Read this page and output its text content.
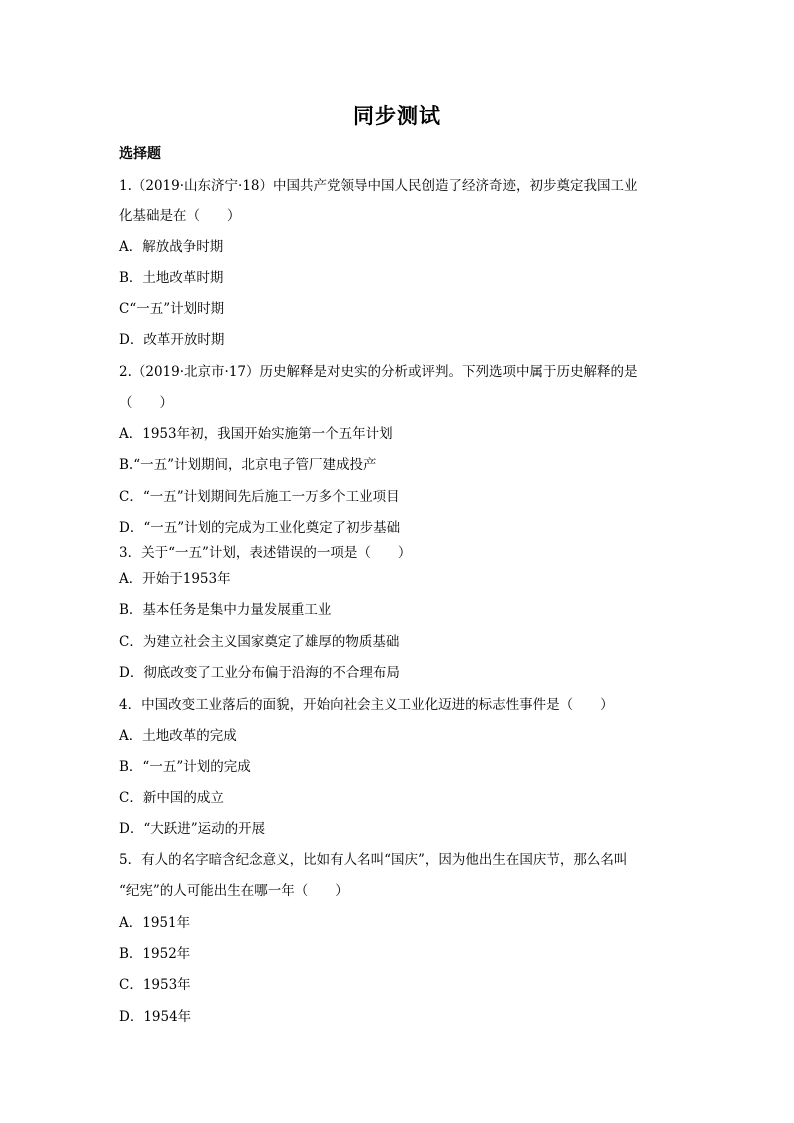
同步测试
选择题
1.（2019·山东济宁·18）中国共产党领导中国人民创造了经济奇迹，初步奠定我国工业
化基础是在（　　）
A．解放战争时期
B．土地改革时期
C“一五”计划时期
D．改革开放时期
2.（2019·北京市·17）历史解释是对史实的分析或评判。下列选项中属于历史解释的是
（　　）
A．1953年初，我国开始实施第一个五年计划
B.“一五”计划期间，北京电子管厂建成投产
C．“一五”计划期间先后施工一万多个工业项目
D．“一五”计划的完成为工业化奠定了初步基础
3．关于“一五”计划，表述错误的一项是（　　）
A．开始于1953年
B．基本任务是集中力量发展重工业
C．为建立社会主义国家奠定了雄厚的物质基础
D．彻底改变了工业分布偏于沿海的不合理布局
4．中国改变工业落后的面貌，开始向社会主义工业化迈进的标志性事件是（　　）
A．土地改革的完成
B．“一五”计划的完成
C．新中国的成立
D．“大跃进”运动的开展
5．有人的名字暗含纪念意义，比如有人名叫“国庆”，因为他出生在国庆节，那么名叫
“纪宪”的人可能出生在哪一年（　　）
A．1951年
B．1952年
C．1953年
D．1954年
